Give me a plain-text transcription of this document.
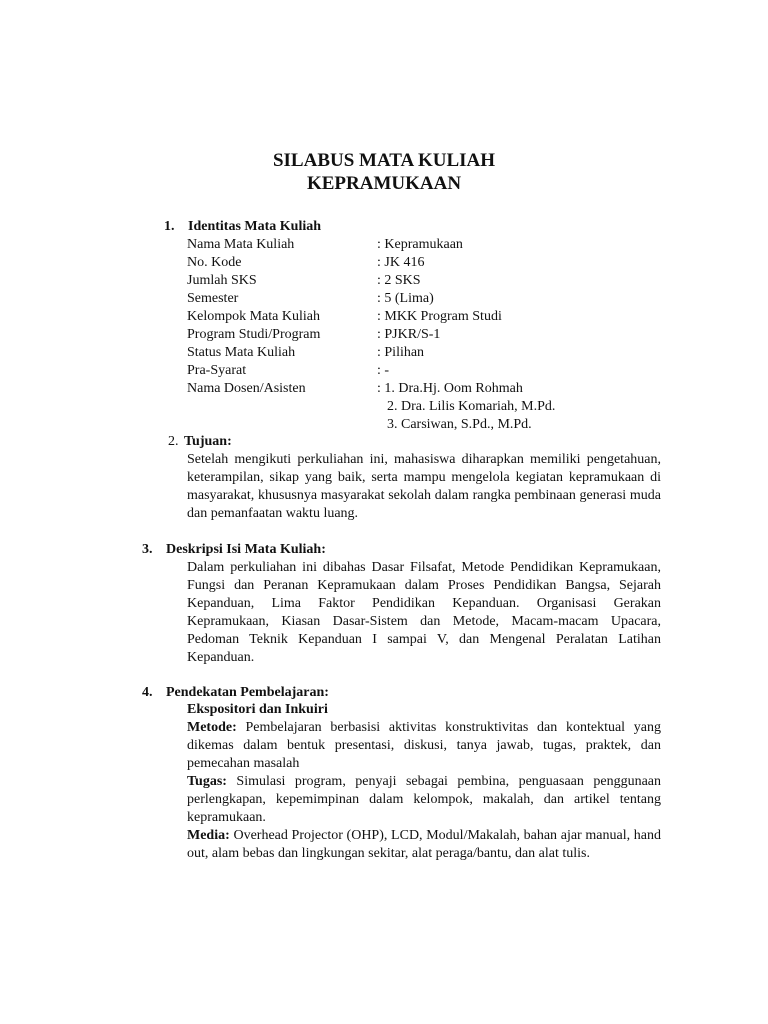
SILABUS MATA KULIAH
KEPRAMUKAAN
1. Identitas Mata Kuliah
Nama Mata Kuliah	: Kepramukaan
No. Kode	: JK 416
Jumlah SKS	: 2 SKS
Semester	: 5 (Lima)
Kelompok Mata Kuliah	: MKK Program Studi
Program Studi/Program	: PJKR/S-1
Status Mata Kuliah	: Pilihan
Pra-Syarat	: -
Nama Dosen/Asisten	: 1. Dra.Hj. Oom Rohmah
2. Dra. Lilis Komariah, M.Pd.
3. Carsiwan, S.Pd., M.Pd.
2. Tujuan:

Setelah mengikuti perkuliahan ini, mahasiswa diharapkan memiliki pengetahuan, keterampilan, sikap yang baik, serta mampu mengelola kegiatan kepramukaan di masyarakat, khususnya masyarakat sekolah dalam rangka pembinaan generasi muda dan pemanfaatan waktu luang.

3. Deskripsi Isi Mata Kuliah:

Dalam perkuliahan ini dibahas Dasar Filsafat, Metode Pendidikan Kepramukaan, Fungsi dan Peranan Kepramukaan dalam Proses Pendidikan Bangsa, Sejarah Kepanduan, Lima Faktor Pendidikan Kepanduan. Organisasi Gerakan Kepramukaan, Kiasan Dasar-Sistem dan Metode, Macam-macam Upacara, Pedoman Teknik Kepanduan I sampai V, dan Mengenal Peralatan Latihan Kepanduan.

4. Pendekatan Pembelajaran:
Ekspositori dan Inkuiri
Metode: Pembelajaran berbasisi aktivitas konstruktivitas dan kontektual yang dikemas dalam bentuk presentasi, diskusi, tanya jawab, tugas, praktek, dan pemecahan masalah
Tugas: Simulasi program, penyaji sebagai pembina, penguasaan penggunaan perlengkapan, kepemimpinan dalam kelompok, makalah, dan artikel tentang kepramukaan.
Media: Overhead Projector (OHP), LCD, Modul/Makalah, bahan ajar manual, hand out, alam bebas dan lingkungan sekitar, alat peraga/bantu, dan alat tulis.
